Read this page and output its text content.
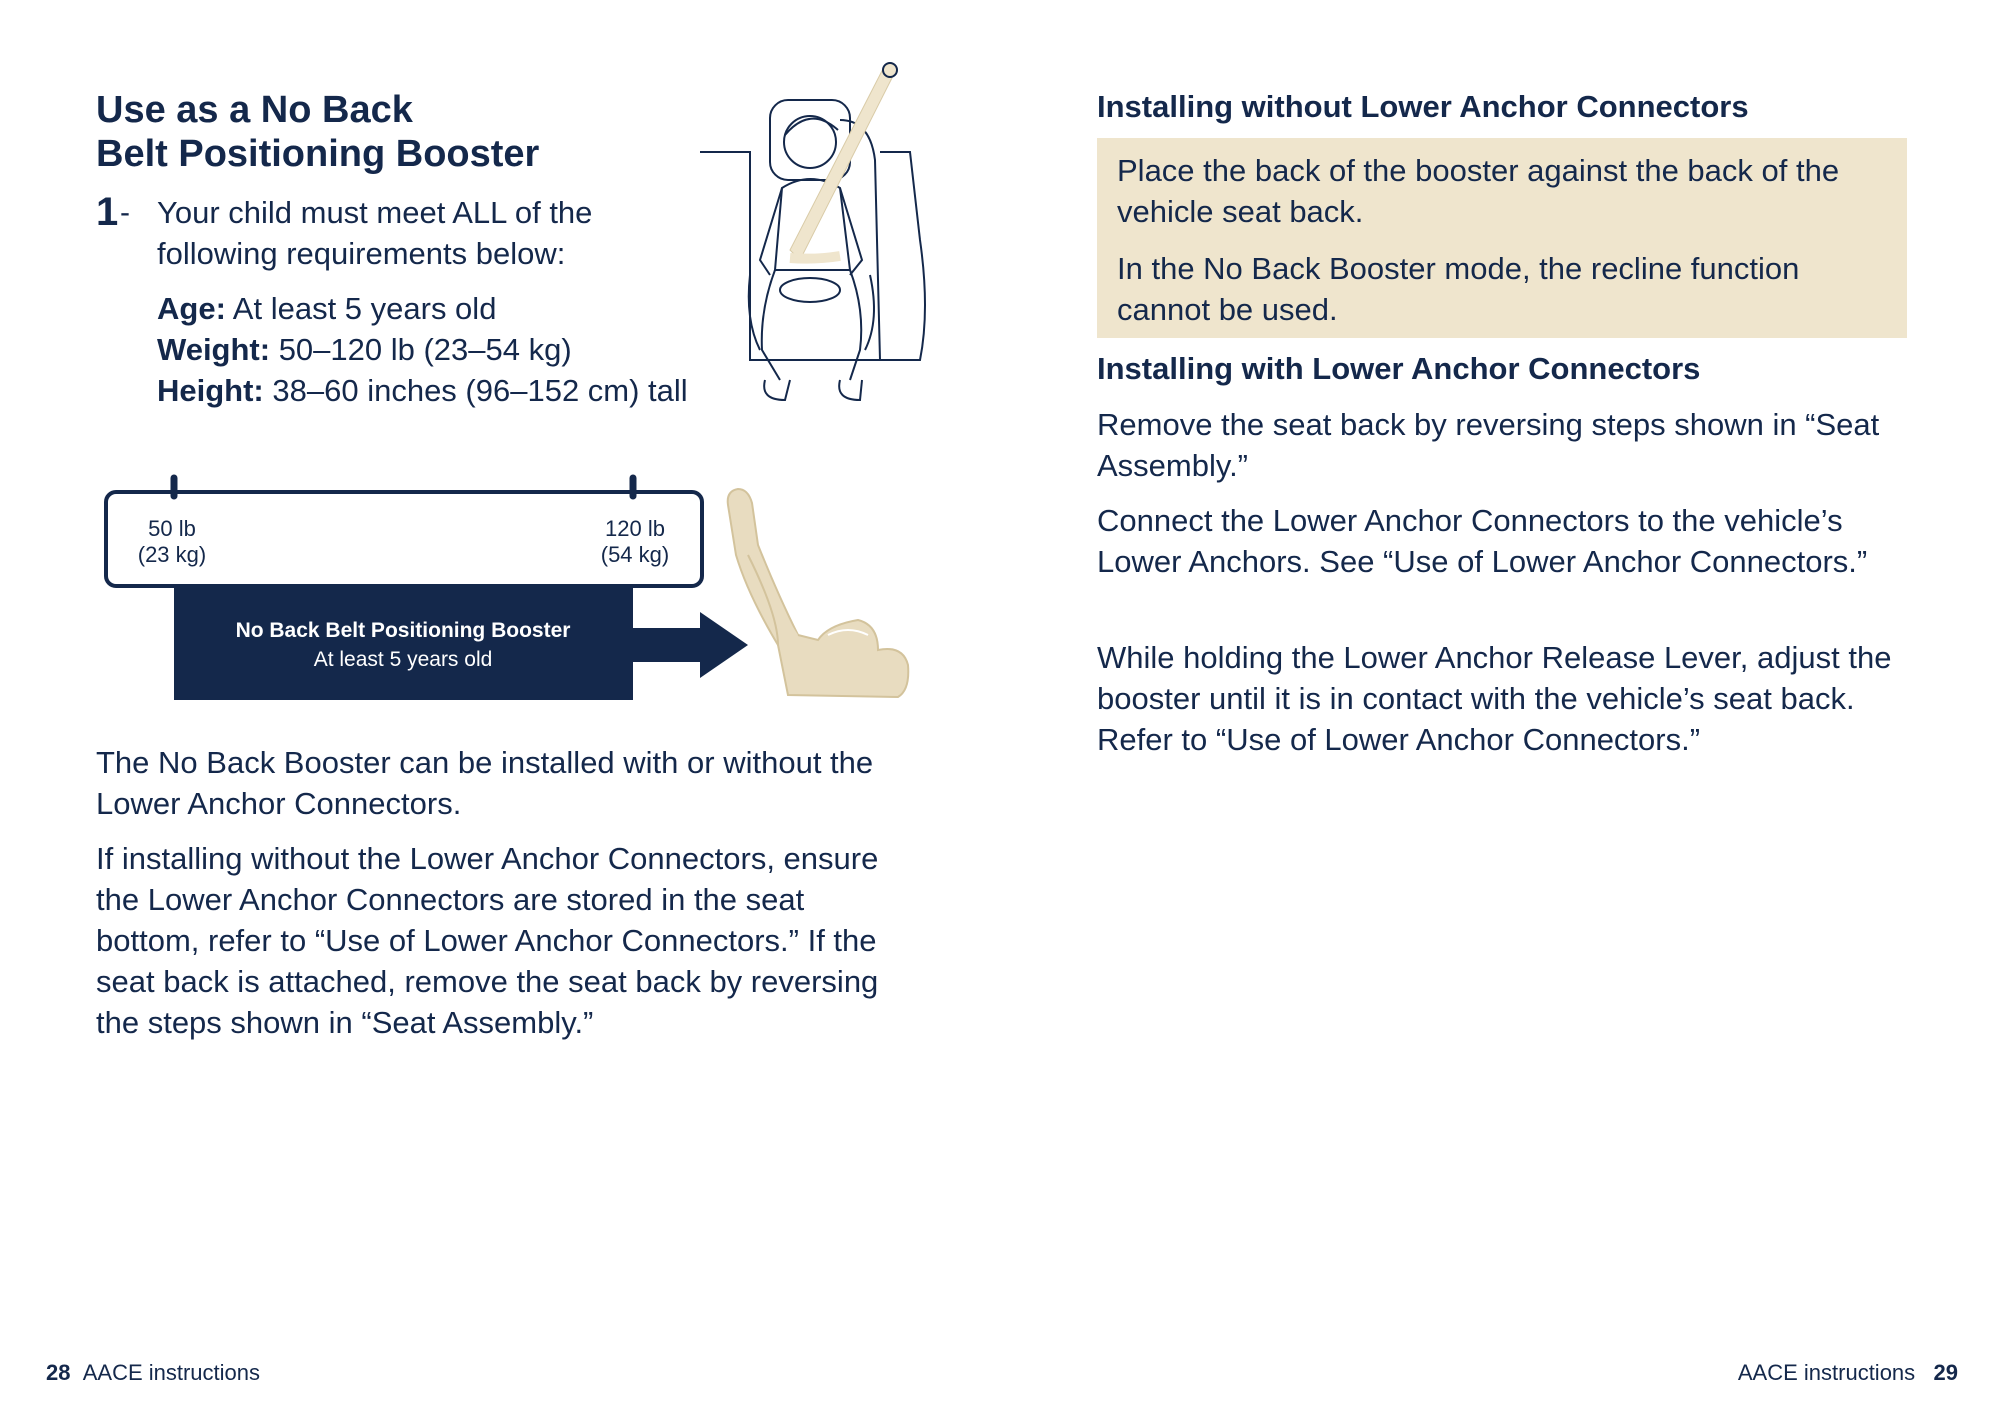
Use as a No Back
Belt Positioning Booster
1 - Your child must meet ALL of the following requirements below:
Age: At least 5 years old
Weight: 50–120 lb (23–54 kg)
Height: 38–60 inches (96–152 cm) tall
50 lb
(23 kg)
120 lb
(54 kg)
No Back Belt Positioning Booster
At least 5 years old
The No Back Booster can be installed with or without the Lower Anchor Connectors.
If installing without the Lower Anchor Connectors, ensure the Lower Anchor Connectors are stored in the seat bottom, refer to “Use of Lower Anchor Connectors.” If the seat back is attached, remove the seat back by reversing the steps shown in “Seat Assembly.”
Installing without Lower Anchor Connectors
Place the back of the booster against the back of the vehicle seat back.
In the No Back Booster mode, the recline function cannot be used.
Installing with Lower Anchor Connectors
Remove the seat back by reversing steps shown in “Seat Assembly.”
Connect the Lower Anchor Connectors to the vehicle’s Lower Anchors. See “Use of Lower Anchor Connectors.”
While holding the Lower Anchor Release Lever, adjust the booster until it is in contact with the vehicle’s seat back. Refer to “Use of Lower Anchor Connectors.”
28 AACE instructions	AACE instructions 29
